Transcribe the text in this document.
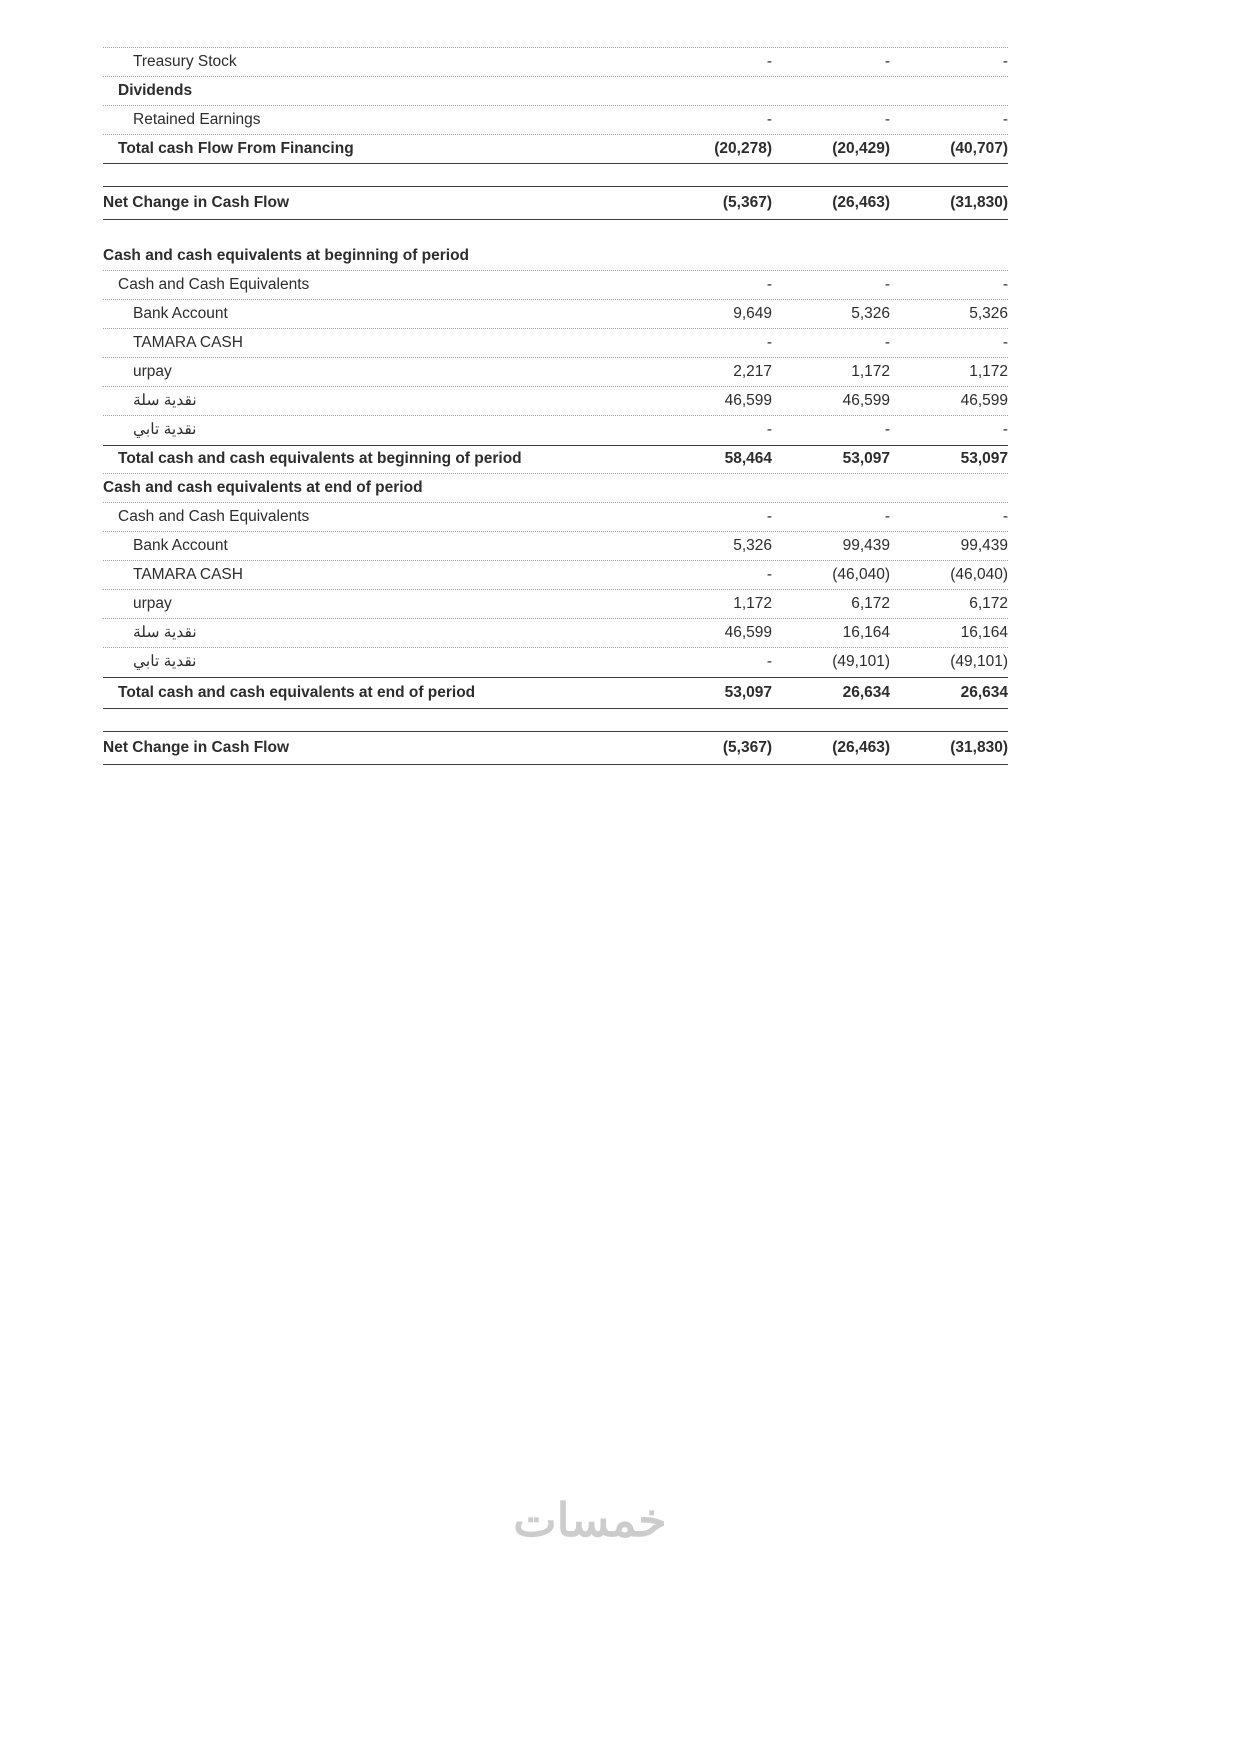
Treasury Stock	-	-	-
Dividends
Retained Earnings	-	-	-
Total cash Flow From Financing	(20,278)	(20,429)	(40,707)
Net Change in Cash Flow	(5,367)	(26,463)	(31,830)
Cash and cash equivalents at beginning of period
Cash and Cash Equivalents	-	-	-
Bank Account	9,649	5,326	5,326
TAMARA CASH	-	-	-
urpay	2,217	1,172	1,172
نقدية سلة	46,599	46,599	46,599
نقدية تابي	-	-	-
Total cash and cash equivalents at beginning of period	58,464	53,097	53,097
Cash and cash equivalents at end of period
Cash and Cash Equivalents	-	-	-
Bank Account	5,326	99,439	99,439
TAMARA CASH	-	(46,040)	(46,040)
urpay	1,172	6,172	6,172
نقدية سلة	46,599	16,164	16,164
نقدية تابي	-	(49,101)	(49,101)
Total cash and cash equivalents at end of period	53,097	26,634	26,634
Net Change in Cash Flow	(5,367)	(26,463)	(31,830)
خمسات
